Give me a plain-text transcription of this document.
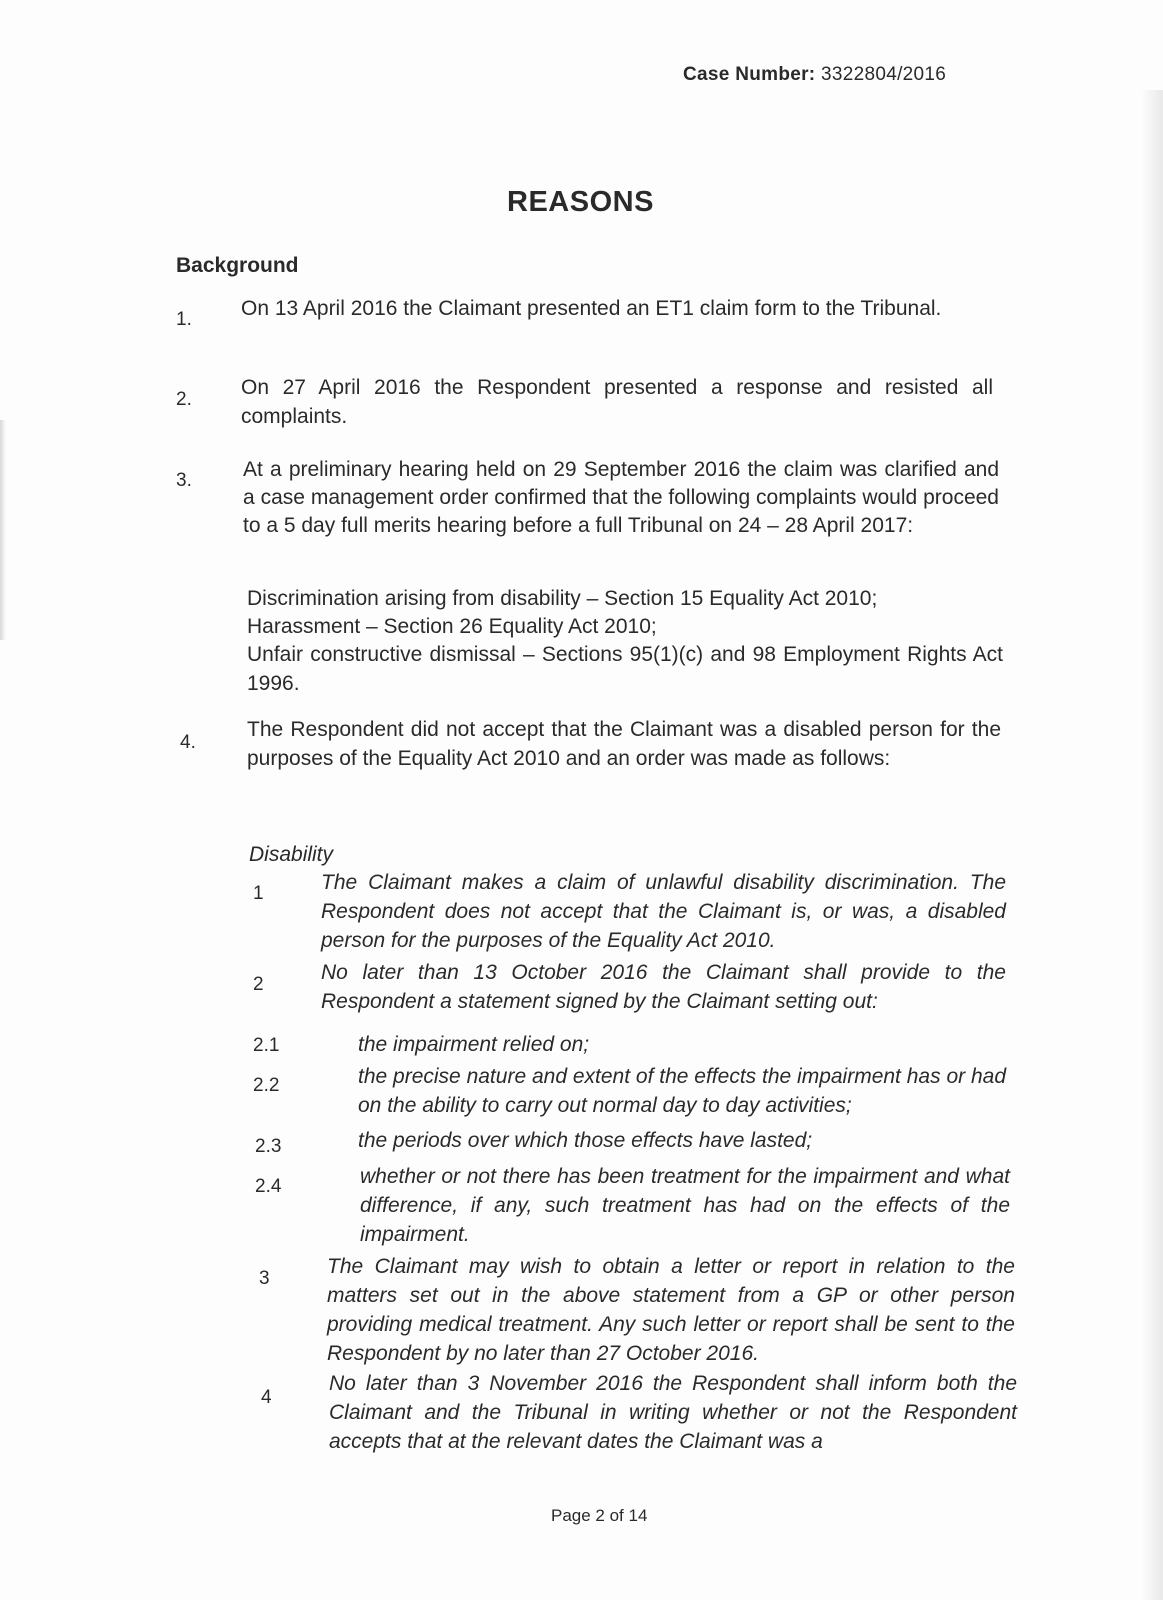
Case Number: 3322804/2016
REASONS
Background
1. On 13 April 2016 the Claimant presented an ET1 claim form to the Tribunal.
2.
On 27 April 2016 the Respondent presented a response and resisted all complaints.
3. At a preliminary hearing held on 29 September 2016 the claim was clarified and a case management order confirmed that the following complaints would proceed to a 5 day full merits hearing before a full Tribunal on 24 – 28 April 2017:
Discrimination arising from disability – Section 15 Equality Act 2010;
Harassment – Section 26 Equality Act 2010;
Unfair constructive dismissal – Sections 95(1)(c) and 98 Employment Rights Act 1996.
4.
The Respondent did not accept that the Claimant was a disabled person for the purposes of the Equality Act 2010 and an order was made as follows:
Disability
1	The Claimant makes a claim of unlawful disability discrimination. The Respondent does not accept that the Claimant is, or was, a disabled person for the purposes of the Equality Act 2010.
2
No later than 13 October 2016 the Claimant shall provide to the Respondent a statement signed by the Claimant setting out:
2.1	the impairment relied on;
2.2	the precise nature and extent of the effects the impairment has or had on the ability to carry out normal day to day activities;
2.3	the periods over which those effects have lasted;
2.4	whether or not there has been treatment for the impairment and what difference, if any, such treatment has had on the effects of the impairment.
3
The Claimant may wish to obtain a letter or report in relation to the matters set out in the above statement from a GP or other person providing medical treatment. Any such letter or report shall be sent to the Respondent by no later than 27 October 2016.
4
No later than 3 November 2016 the Respondent shall inform both the Claimant and the Tribunal in writing whether or not the Respondent accepts that at the relevant dates the Claimant was a
Page 2 of 14
